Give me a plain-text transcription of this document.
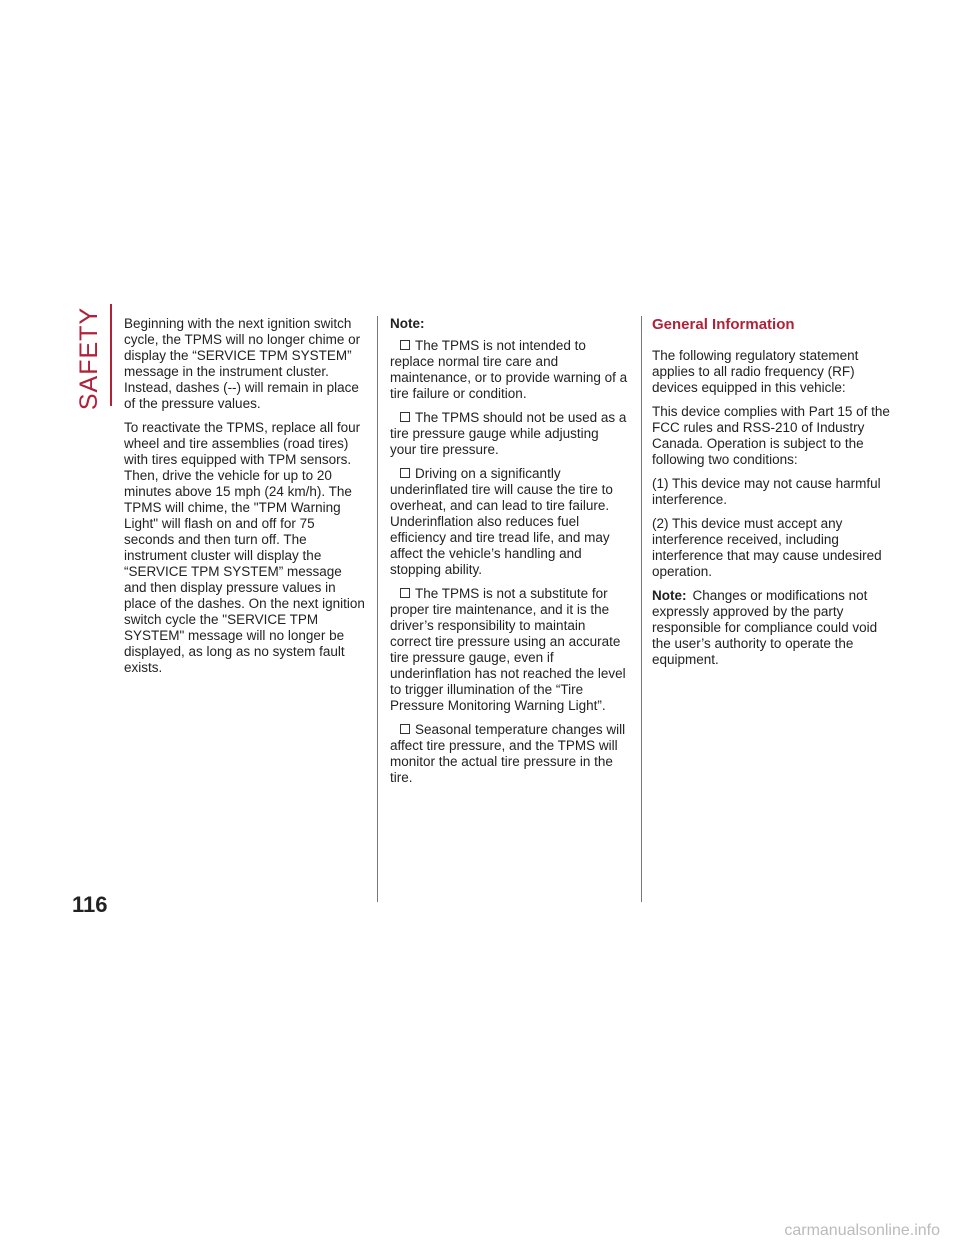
SAFETY Beginning with the next ignition switch cycle, the TPMS will no longer chime or display the “SERVICE TPM SYSTEM” message in the instrument cluster. Instead, dashes (--) will remain in place of the pressure values.

To reactivate the TPMS, replace all four wheel and tire assemblies (road tires) with tires equipped with TPM sensors. Then, drive the vehicle for up to 20 minutes above 15 mph (24 km/h). The TPMS will chime, the "TPM Warning Light" will flash on and off for 75 seconds and then turn off. The instrument cluster will display the “SERVICE TPM SYSTEM” message and then display pressure values in place of the dashes. On the next ignition switch cycle the "SERVICE TPM SYSTEM" message will no longer be displayed, as long as no system fault exists.

Note:

The TPMS is not intended to replace normal tire care and maintenance, or to provide warning of a tire failure or condition.

The TPMS should not be used as a tire pressure gauge while adjusting your tire pressure.

Driving on a significantly underinflated tire will cause the tire to overheat, and can lead to tire failure. Underinflation also reduces fuel efficiency and tire tread life, and may affect the vehicle’s handling and stopping ability.

The TPMS is not a substitute for proper tire maintenance, and it is the driver’s responsibility to maintain correct tire pressure using an accurate tire pressure gauge, even if underinflation has not reached the level to trigger illumination of the “Tire Pressure Monitoring Warning Light”.

Seasonal temperature changes will affect tire pressure, and the TPMS will monitor the actual tire pressure in the tire.

General Information

The following regulatory statement applies to all radio frequency (RF) devices equipped in this vehicle:

This device complies with Part 15 of the FCC rules and RSS-210 of Industry Canada. Operation is subject to the following two conditions:

(1) This device may not cause harmful interference.

(2) This device must accept any interference received, including interference that may cause undesired operation.

Note: Changes or modifications not expressly approved by the party responsible for compliance could void the user’s authority to operate the equipment.

116
carmanualsonline.info
